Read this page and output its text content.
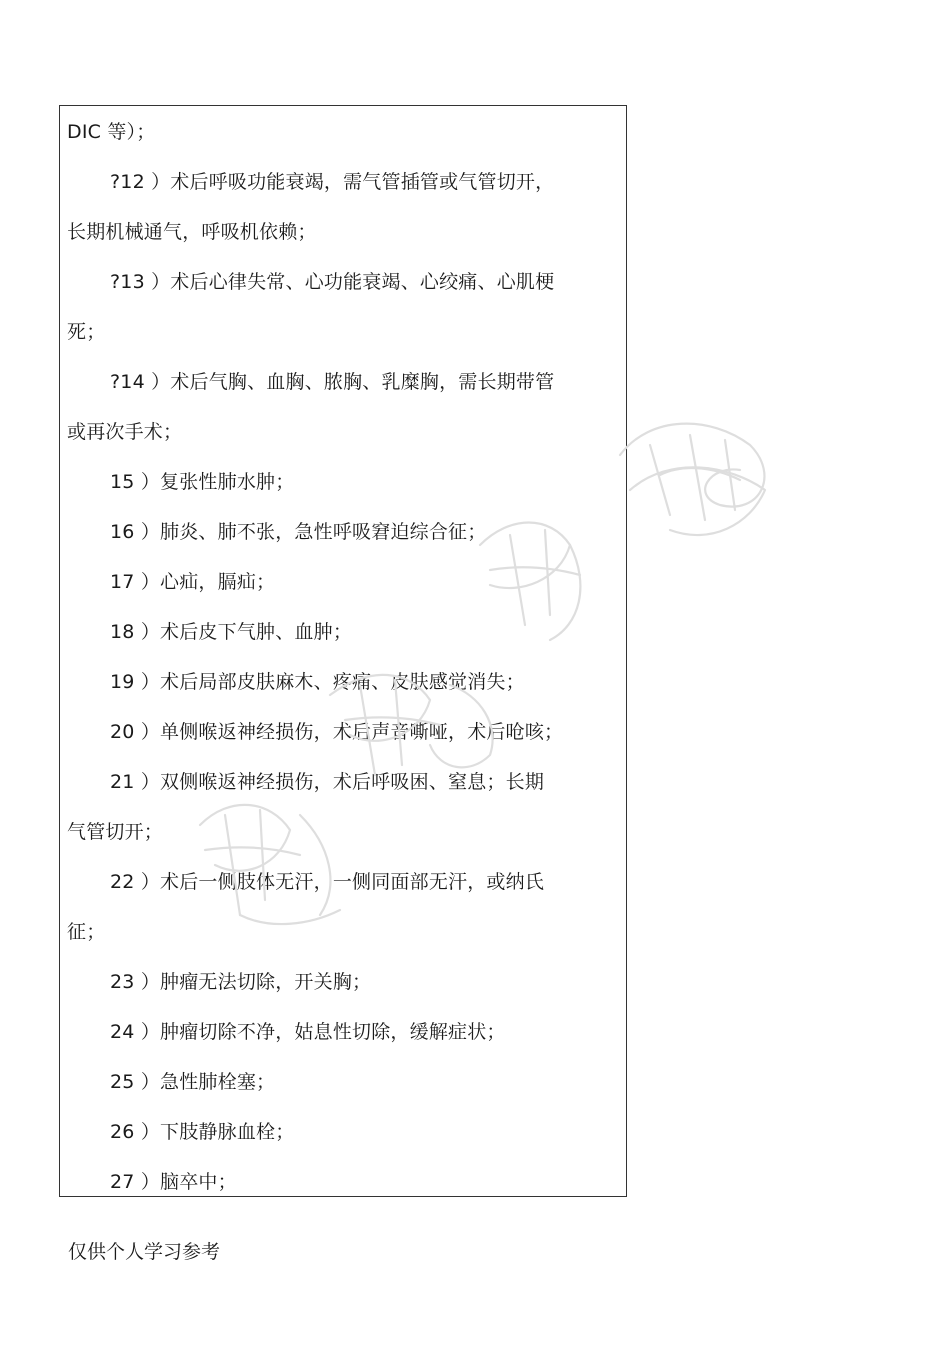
DIC 等）；
?12 ）术后呼吸功能衰竭，需气管插管或气管切开，
长期机械通气，呼吸机依赖；
?13 ）术后心律失常、心功能衰竭、心绞痛、心肌梗
死；
?14 ）术后气胸、血胸、脓胸、乳糜胸，需长期带管
或再次手术；
15 ）复张性肺水肿；
16 ）肺炎、肺不张，急性呼吸窘迫综合征；
17 ）心疝，膈疝；
18 ）术后皮下气肿、血肿；
19 ）术后局部皮肤麻木、疼痛、皮肤感觉消失；
20 ）单侧喉返神经损伤，术后声音嘶哑，术后呛咳；
21 ）双侧喉返神经损伤，术后呼吸困、窒息；长期
气管切开；
22 ）术后一侧肢体无汗，一侧同面部无汗，或纳氏
征；
23 ）肿瘤无法切除，开关胸；
24 ）肿瘤切除不净，姑息性切除，缓解症状；
25 ）急性肺栓塞；
26 ）下肢静脉血栓；
27 ）脑卒中；
仅供个人学习参考
